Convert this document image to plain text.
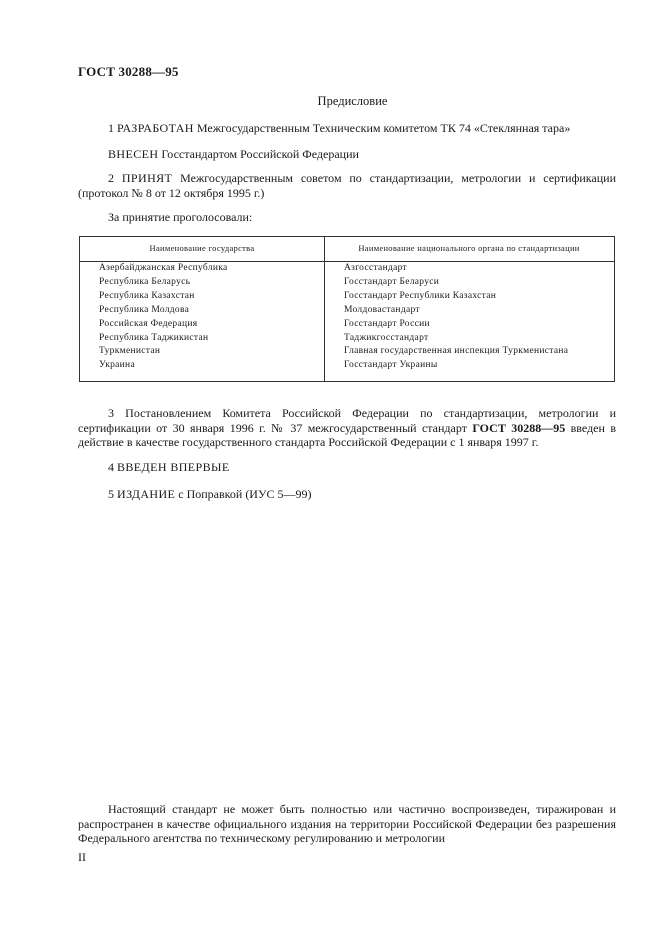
ГОСТ 30288—95
Предисловие
1 РАЗРАБОТАН Межгосударственным Техническим комитетом ТК 74 «Стеклянная тара»
ВНЕСЕН Госстандартом Российской Федерации
2 ПРИНЯТ Межгосударственным советом по стандартизации, метрологии и сертификации (протокол № 8 от 12 октября 1995 г.)
За принятие проголосовали:
Наименование государства	Наименование национального органа по стандартизации
Азербайджанская Республика
Республика Беларусь
Республика Казахстан
Республика Молдова
Российская Федерация
Республика Таджикистан
Туркменистан
Украина
Азгосстандарт
Госстандарт Беларуси
Госстандарт Республики Казахстан
Молдовастандарт
Госстандарт России
Таджикгосстандарт
Главная государственная инспекция Туркменистана
Госстандарт Украины
3 Постановлением Комитета Российской Федерации по стандартизации, метрологии и сертификации от 30 января 1996 г. № 37 межгосударственный стандарт ГОСТ 30288—95 введен в действие в качестве государственного стандарта Российской Федерации с 1 января 1997 г.
4 ВВЕДЕН ВПЕРВЫЕ
5 ИЗДАНИЕ с Поправкой (ИУС 5—99)
Настоящий стандарт не может быть полностью или частично воспроизведен, тиражирован и распространен в качестве официального издания на территории Российской Федерации без разрешения Федерального агентства по техническому регулированию и метрологии
II
